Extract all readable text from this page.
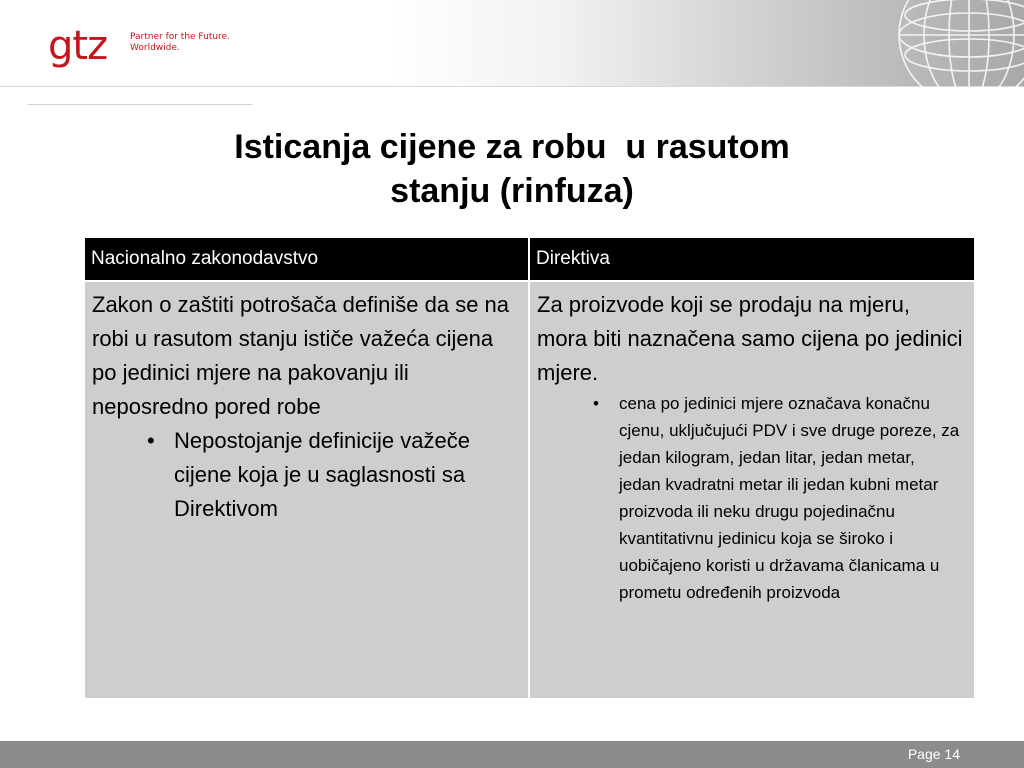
gtz	Partner for the Future.
Worldwide.
Isticanja cijene za robu  u rasutom
stanju (rinfuza)
Nacionalno zakonodavstvo	Direktiva

Zakon o zaštiti potrošača definiše da se na robi u rasutom stanju ističe važeća cijena po jedinici mjere na pakovanju ili neposredno pored robe

• Nepostojanje definicije važeče cijene koja je u saglasnosti sa Direktivom

Za proizvode koji se prodaju na mjeru, mora biti naznačena samo cijena po jedinici mjere.

• cena po jedinici mjere označava konačnu cjenu, uključujući PDV i sve druge poreze, za jedan kilogram, jedan litar, jedan metar, jedan kvadratni metar ili jedan kubni metar proizvoda ili neku drugu pojedinačnu kvantitativnu jedinicu koja se široko i uobičajeno koristi u državama članicama u prometu određenih proizvoda
Page 14
